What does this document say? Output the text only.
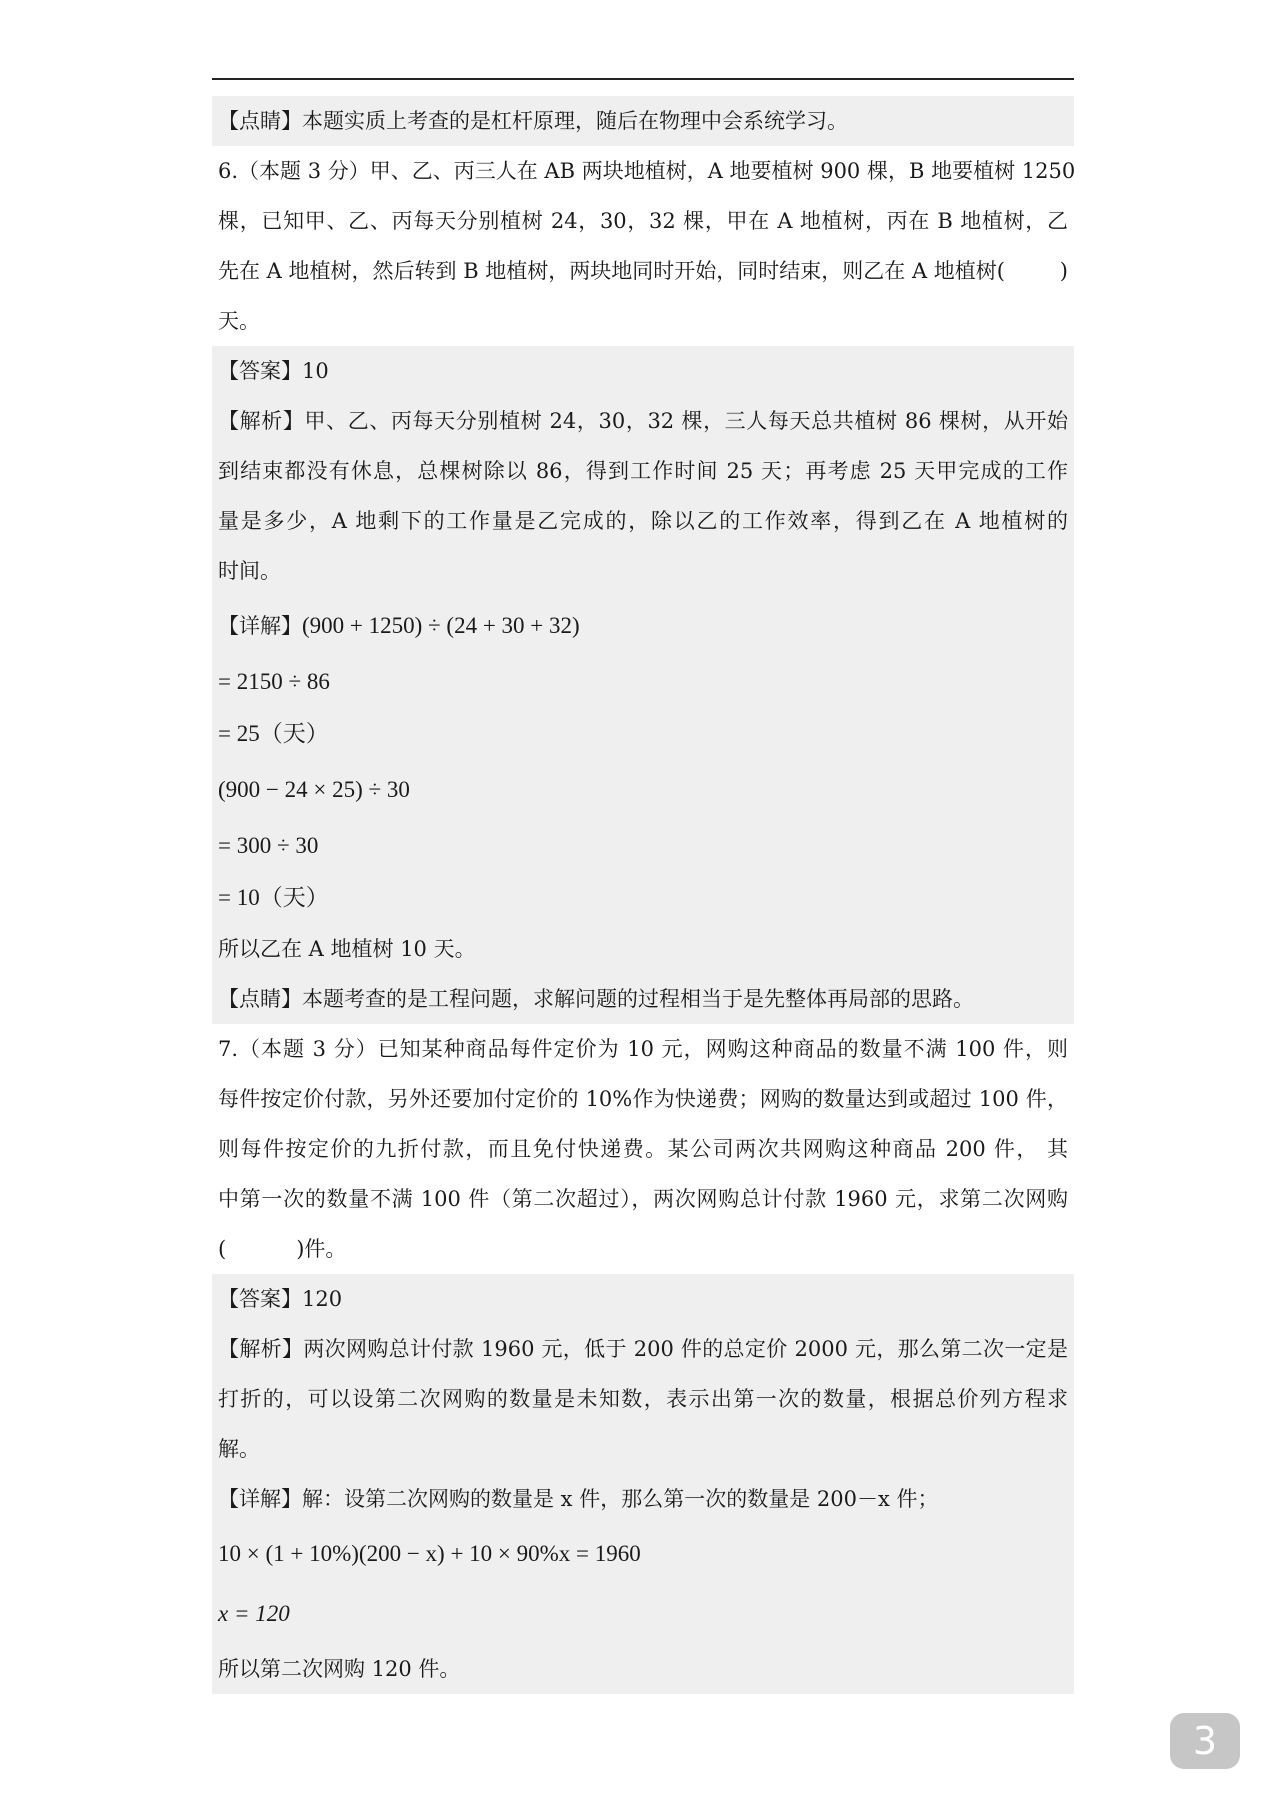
【点睛】本题实质上考查的是杠杆原理，随后在物理中会系统学习。
6.（本题 3 分）甲、乙、丙三人在 AB 两块地植树，A 地要植树 900 棵，B 地要植树 1250
棵，已知甲、乙、丙每天分别植树 24，30，32 棵，甲在 A 地植树，丙在 B 地植树，乙
先在 A 地植树，然后转到 B 地植树，两块地同时开始，同时结束，则乙在 A 地植树(	)
天。
【答案】10
【解析】甲、乙、丙每天分别植树 24，30，32 棵，三人每天总共植树 86 棵树，从开始
到结束都没有休息，总棵树除以 86，得到工作时间 25 天；再考虑 25 天甲完成的工作
量是多少，A 地剩下的工作量是乙完成的，除以乙的工作效率，得到乙在 A 地植树的
时间。
【详解】(900 + 1250) ÷ (24 + 30 + 32)
= 2150 ÷ 86
= 25（天）
(900 − 24 × 25) ÷ 30
= 300 ÷ 30
= 10（天）
所以乙在 A 地植树 10 天。
【点睛】本题考查的是工程问题，求解问题的过程相当于是先整体再局部的思路。
7.（本题 3 分）已知某种商品每件定价为 10 元，网购这种商品的数量不满 100 件，则
每件按定价付款，另外还要加付定价的 10%作为快递费；网购的数量达到或超过 100 件，
则每件按定价的九折付款，而且免付快递费。某公司两次共网购这种商品 200 件， 其
中第一次的数量不满 100 件（第二次超过），两次网购总计付款 1960 元，求第二次网购
(	)件。
【答案】120
【解析】两次网购总计付款 1960 元，低于 200 件的总定价 2000 元，那么第二次一定是
打折的，可以设第二次网购的数量是未知数，表示出第一次的数量，根据总价列方程求
解。
【详解】解：设第二次网购的数量是 x 件，那么第一次的数量是 200－x 件；
10 × (1 + 10%)(200 − x) + 10 × 90%x = 1960
x = 120
所以第二次网购 120 件。
3
